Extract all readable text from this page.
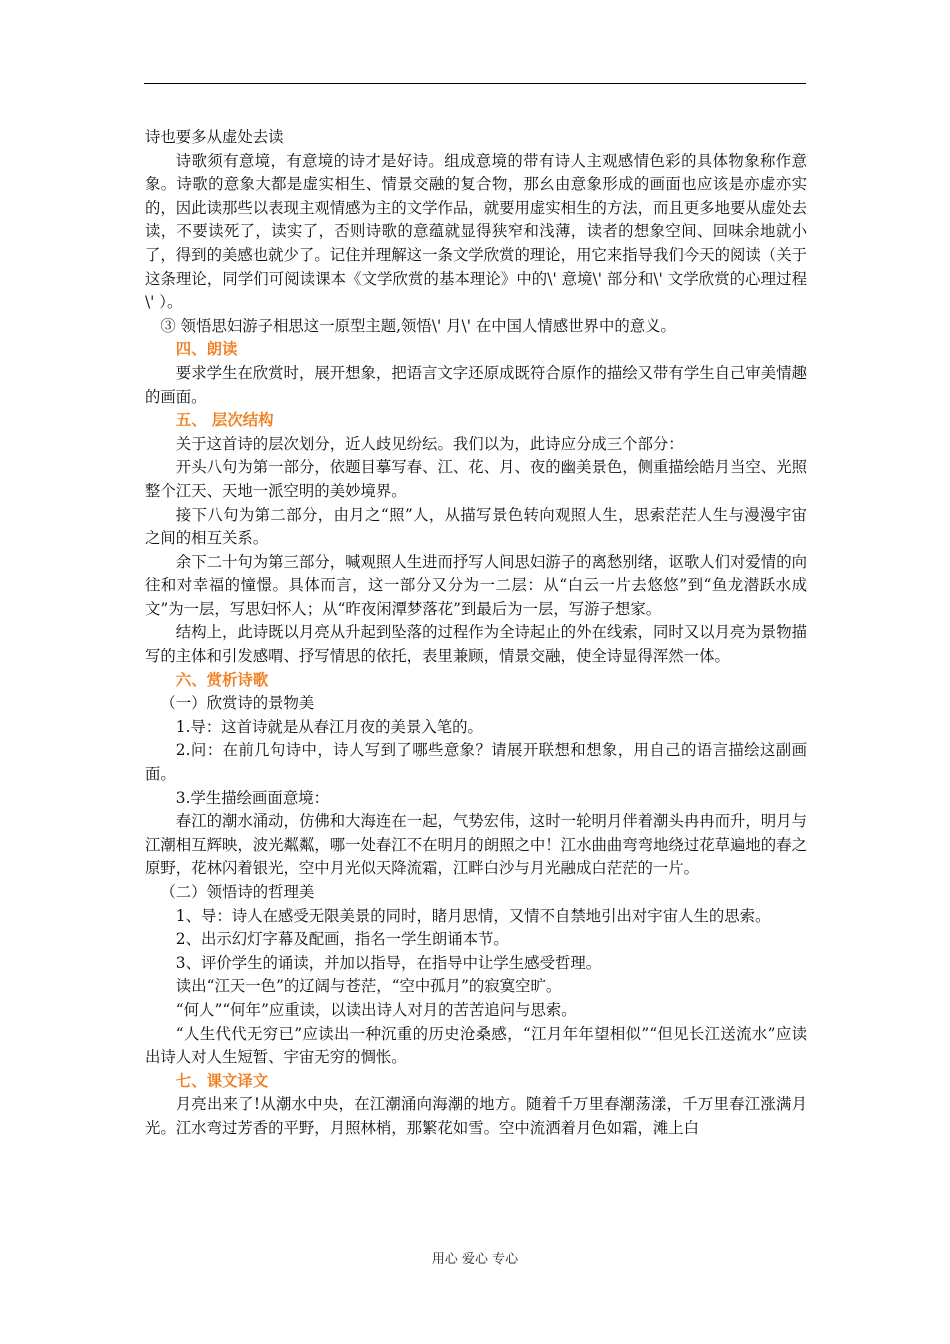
诗也要多从虚处去读

诗歌须有意境，有意境的诗才是好诗。组成意境的带有诗人主观感情色彩的具体物象称作意象。诗歌的意象大都是虚实相生、情景交融的复合物，那幺由意象形成的画面也应该是亦虚亦实的，因此读那些以表现主观情感为主的文学作品，就要用虚实相生的方法，而且更多地要从虚处去读，不要读死了，读实了，否则诗歌的意蕴就显得狭窄和浅薄，读者的想象空间、回味余地就小了，得到的美感也就少了。记住并理解这一条文学欣赏的理论，用它来指导我们今天的阅读（关于这条理论，同学们可阅读课本《文学欣赏的基本理论》中的\' 意境\' 部分和\' 文学欣赏的心理过程\' ）。

③ 领悟思妇游子相思这一原型主题,领悟\' 月\' 在中国人情感世界中的意义。

四、朗读

要求学生在欣赏时，展开想象，把语言文字还原成既符合原作的描绘又带有学生自己审美情趣的画面。

五、 层次结构

关于这首诗的层次划分，近人歧见纷纭。我们以为，此诗应分成三个部分：

开头八句为第一部分，依题目摹写春、江、花、月、夜的幽美景色，侧重描绘皓月当空、光照整个江天、天地一派空明的美妙境界。

接下八句为第二部分，由月之“照”人，从描写景色转向观照人生，思索茫茫人生与漫漫宇宙之间的相互关系。

余下二十句为第三部分，喊观照人生进而抒写人间思妇游子的离愁别绪，讴歌人们对爱情的向往和对幸福的憧憬。具体而言，这一部分又分为一二层：从“白云一片去悠悠”到“鱼龙潜跃水成文”为一层，写思妇怀人；从“昨夜闲潭梦落花”到最后为一层，写游子想家。

结构上，此诗既以月亮从升起到坠落的过程作为全诗起止的外在线索，同时又以月亮为景物描写的主体和引发感喟、抒写情思的依托，表里兼顾，情景交融，使全诗显得浑然一体。

六、赏析诗歌

（一）欣赏诗的景物美

1.导：这首诗就是从春江月夜的美景入笔的。

2.问：在前几句诗中，诗人写到了哪些意象？请展开联想和想象，用自己的语言描绘这副画面。

3.学生描绘画面意境：

春江的潮水涌动，仿佛和大海连在一起，气势宏伟，这时一轮明月伴着潮头冉冉而升，明月与江潮相互辉映，波光粼粼，哪一处春江不在明月的朗照之中！江水曲曲弯弯地绕过花草遍地的春之原野，花林闪着银光，空中月光似天降流霜，江畔白沙与月光融成白茫茫的一片。

（二）领悟诗的哲理美

1、导：诗人在感受无限美景的同时，睹月思情，又情不自禁地引出对宇宙人生的思索。

2、出示幻灯字幕及配画，指名一学生朗诵本节。

3、评价学生的诵读，并加以指导，在指导中让学生感受哲理。

读出“江天一色”的辽阔与苍茫，“空中孤月”的寂寞空旷。

“何人”“何年”应重读，以读出诗人对月的苦苦追问与思索。

“人生代代无穷已”应读出一种沉重的历史沧桑感，“江月年年望相似”“但见长江送流水”应读出诗人对人生短暂、宇宙无穷的惆怅。

七、课文译文

月亮出来了!从潮水中央，在江潮涌向海潮的地方。随着千万里春潮荡漾，千万里春江涨满月光。江水弯过芳香的平野，月照林梢，那繁花如雪。空中流洒着月色如霜，滩上白

用心 爱心 专心
